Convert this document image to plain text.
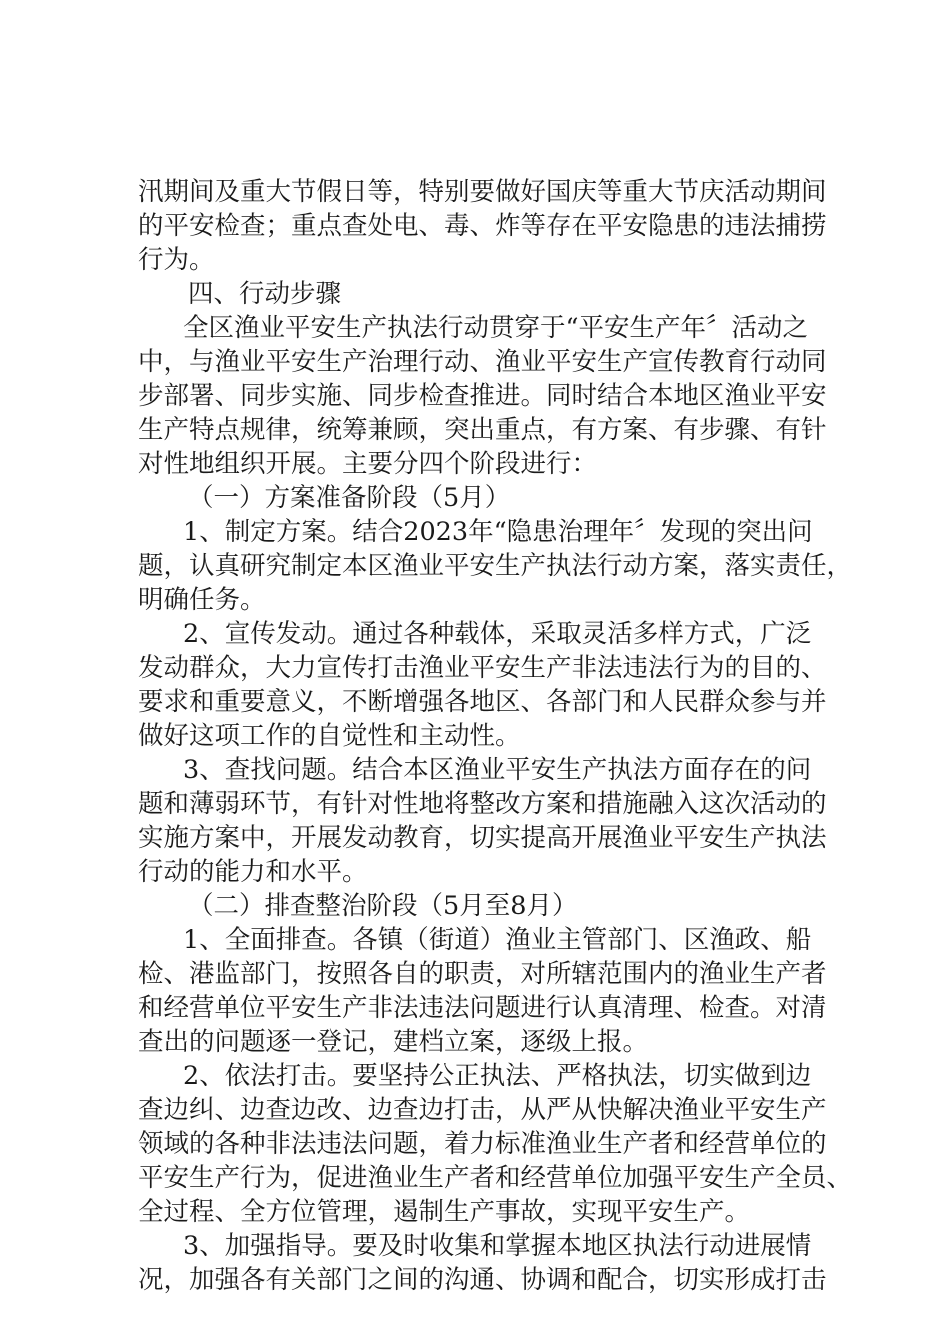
汛期间及重大节假日等，特别要做好国庆等重大节庆活动期间
的平安检查；重点查处电、毒、炸等存在平安隐患的违法捕捞
行为。
四、行动步骤
全区渔业平安生产执法行动贯穿于“平安生产年〞活动之
中，与渔业平安生产治理行动、渔业平安生产宣传教育行动同
步部署、同步实施、同步检查推进。同时结合本地区渔业平安
生产特点规律，统筹兼顾，突出重点，有方案、有步骤、有针
对性地组织开展。主要分四个阶段进行：
（一）方案准备阶段（5月）
1、制定方案。结合2023年“隐患治理年〞发现的突出问
题，认真研究制定本区渔业平安生产执法行动方案，落实责任，
明确任务。
2、宣传发动。通过各种载体，采取灵活多样方式，广泛
发动群众，大力宣传打击渔业平安生产非法违法行为的目的、
要求和重要意义，不断增强各地区、各部门和人民群众参与并
做好这项工作的自觉性和主动性。
3、查找问题。结合本区渔业平安生产执法方面存在的问
题和薄弱环节，有针对性地将整改方案和措施融入这次活动的
实施方案中，开展发动教育，切实提高开展渔业平安生产执法
行动的能力和水平。
（二）排查整治阶段（5月至8月）
1、全面排查。各镇（街道）渔业主管部门、区渔政、船
检、港监部门，按照各自的职责，对所辖范围内的渔业生产者
和经营单位平安生产非法违法问题进行认真清理、检查。对清
查出的问题逐一登记，建档立案，逐级上报。
2、依法打击。要坚持公正执法、严格执法，切实做到边
查边纠、边查边改、边查边打击，从严从快解决渔业平安生产
领域的各种非法违法问题，着力标准渔业生产者和经营单位的
平安生产行为，促进渔业生产者和经营单位加强平安生产全员、
全过程、全方位管理，遏制生产事故，实现平安生产。
3、加强指导。要及时收集和掌握本地区执法行动进展情
况，加强各有关部门之间的沟通、协调和配合，切实形成打击
